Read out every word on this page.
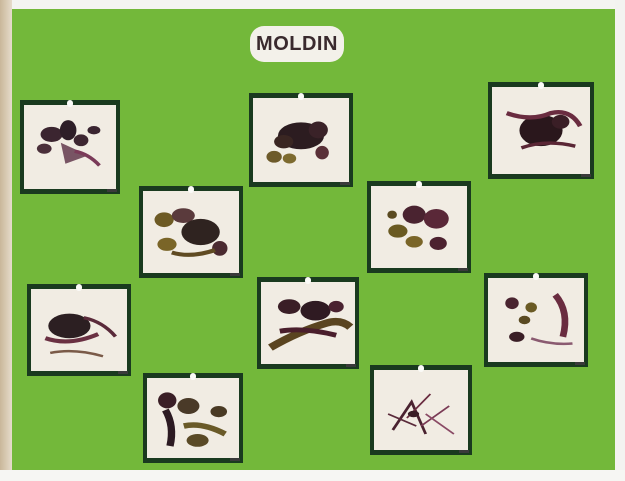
MOLDIN
